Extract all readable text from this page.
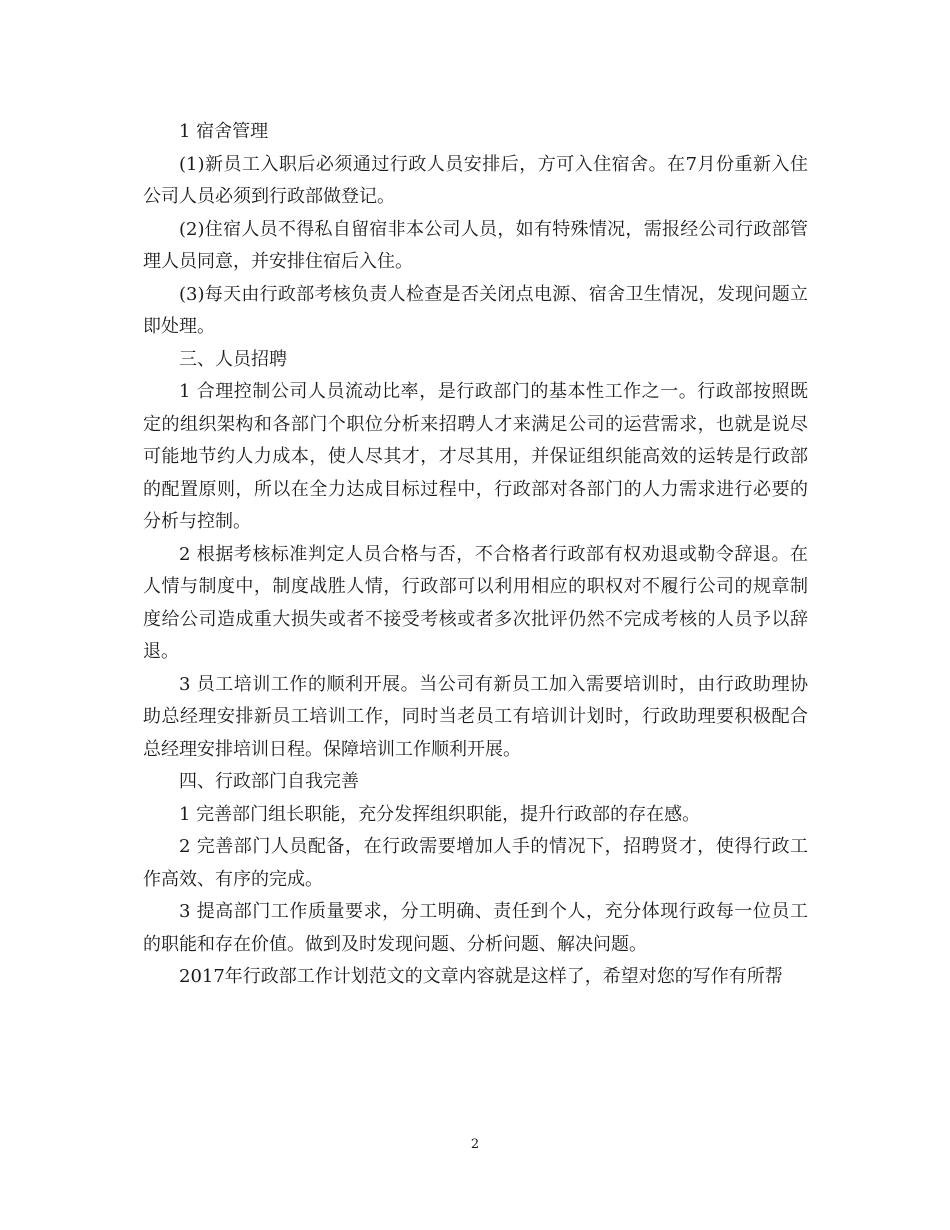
1 宿舍管理

(1)新员工入职后必须通过行政人员安排后，方可入住宿舍。在7月份重新入住公司人员必须到行政部做登记。

(2)住宿人员不得私自留宿非本公司人员，如有特殊情况，需报经公司行政部管理人员同意，并安排住宿后入住。

(3)每天由行政部考核负责人检查是否关闭点电源、宿舍卫生情况，发现问题立即处理。

三、人员招聘

1 合理控制公司人员流动比率，是行政部门的基本性工作之一。行政部按照既定的组织架构和各部门个职位分析来招聘人才来满足公司的运营需求，也就是说尽可能地节约人力成本，使人尽其才，才尽其用，并保证组织能高效的运转是行政部的配置原则，所以在全力达成目标过程中，行政部对各部门的人力需求进行必要的分析与控制。

2 根据考核标准判定人员合格与否，不合格者行政部有权劝退或勒令辞退。在人情与制度中，制度战胜人情，行政部可以利用相应的职权对不履行公司的规章制度给公司造成重大损失或者不接受考核或者多次批评仍然不完成考核的人员予以辞退。

3 员工培训工作的顺利开展。当公司有新员工加入需要培训时，由行政助理协助总经理安排新员工培训工作，同时当老员工有培训计划时，行政助理要积极配合总经理安排培训日程。保障培训工作顺利开展。

四、行政部门自我完善

1 完善部门组长职能，充分发挥组织职能，提升行政部的存在感。

2 完善部门人员配备，在行政需要增加人手的情况下，招聘贤才，使得行政工作高效、有序的完成。

3 提高部门工作质量要求，分工明确、责任到个人，充分体现行政每一位员工的职能和存在价值。做到及时发现问题、分析问题、解决问题。

2017年行政部工作计划范文的文章内容就是这样了，希望对您的写作有所帮

2
